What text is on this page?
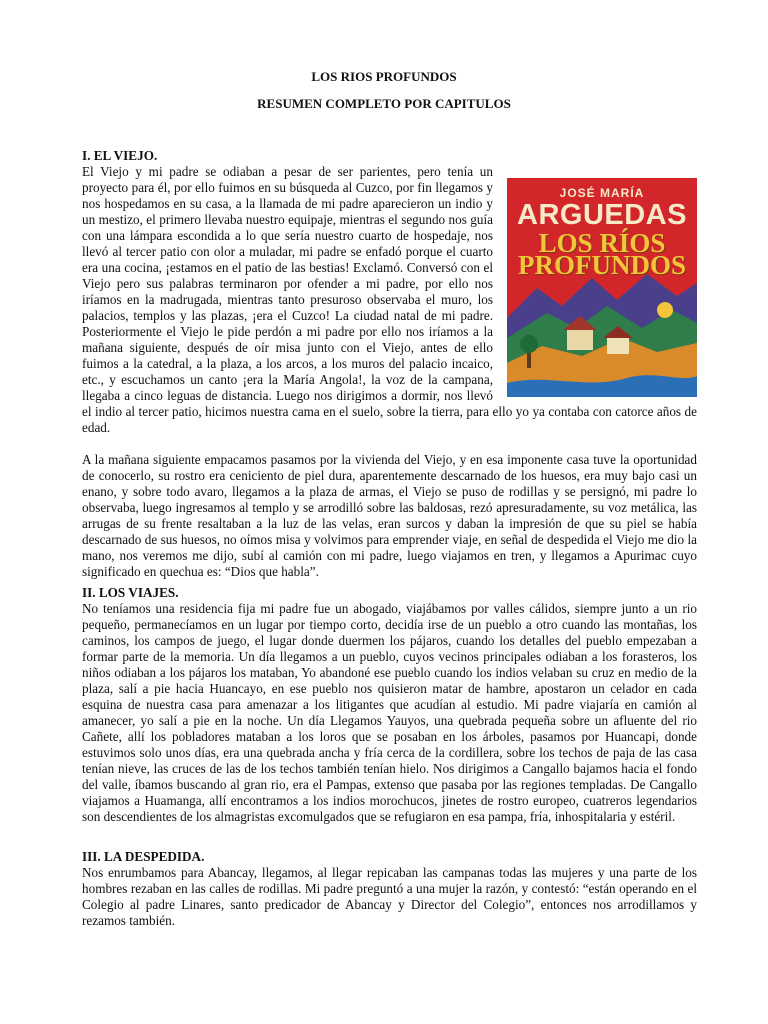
LOS RIOS PROFUNDOS
RESUMEN COMPLETO POR CAPITULOS
I. EL VIEJO.
JOSÉ MARÍA
ARGUEDAS
LOS RÍOS
PROFUNDOS

El Viejo y mi padre se odiaban a pesar de ser parientes, pero tenía un proyecto para él, por ello fuimos en su búsqueda al Cuzco, por fin llegamos y nos hospedamos en su casa, a la llamada de mi padre aparecieron un indio y un mestizo, el primero llevaba nuestro equipaje, mientras el segundo nos guía con una lámpara escondida a lo que sería nuestro cuarto de hospedaje, nos llevó al tercer patio con olor a muladar, mi padre se enfadó porque el cuarto era una cocina, ¡estamos en el patio de las bestias! Exclamó. Conversó con el Viejo pero sus palabras terminaron por ofender a mi padre, por ello nos iríamos en la madrugada, mientras tanto presuroso observaba el muro, los palacios, templos y las plazas, ¡era el Cuzco! La ciudad natal de mi padre. Posteriormente el Viejo le pide perdón a mi padre por ello nos iríamos a la mañana siguiente, después de oír misa junto con el Viejo, antes de ello fuimos a la catedral, a la plaza, a los arcos, a los muros del palacio incaico, etc., y escuchamos un canto ¡era la María Angola!, la voz de la campana, llegaba a cinco leguas de distancia. Luego nos dirigimos a dormir, nos llevó el indio al tercer patio, hicimos nuestra cama en el suelo, sobre la tierra, para ello yo ya contaba con catorce años de edad.

A la mañana siguiente empacamos pasamos por la vivienda del Viejo, y en esa imponente casa tuve la oportunidad de conocerlo, su rostro era ceniciento de piel dura, aparentemente descarnado de los huesos, era muy bajo casi un enano, y sobre todo avaro, llegamos a la plaza de armas, el Viejo se puso de rodillas y se persignó, mi padre lo observaba, luego ingresamos al templo y se arrodilló sobre las baldosas, rezó apresuradamente, su voz metálica, las arrugas de su frente resaltaban a la luz de las velas, eran surcos y daban la impresión de que su piel se había descarnado de sus huesos, no oímos misa y volvimos para emprender viaje, en señal de despedida el Viejo me dio la mano, nos veremos me dijo, subí al camión con mi padre, luego viajamos en tren, y llegamos a Apurimac cuyo significado en quechua es: “Dios que habla”.

II. LOS VIAJES.

No teníamos una residencia fija mi padre fue un abogado, viajábamos por valles cálidos, siempre junto a un rio pequeño, permanecíamos en un lugar por tiempo corto, decidía irse de un pueblo a otro cuando las montañas, los caminos, los campos de juego, el lugar donde duermen los pájaros, cuando los detalles del pueblo empezaban a formar parte de la memoria. Un día llegamos a un pueblo, cuyos vecinos principales odiaban a los forasteros, los niños odiaban a los pájaros los mataban, Yo abandoné ese pueblo cuando los indios velaban su cruz en medio de la plaza, salí a pie hacia Huancayo, en ese pueblo nos quisieron matar de hambre, apostaron un celador en cada esquina de nuestra casa para amenazar a los litigantes que acudían al estudio. Mi padre viajaría en camión al amanecer, yo salí a pie en la noche. Un día Llegamos Yauyos, una quebrada pequeña sobre un afluente del rio Cañete, allí los pobladores mataban a los loros que se posaban en los árboles, pasamos por Huancapi, donde estuvimos solo unos días, era una quebrada ancha y fría cerca de la cordillera, sobre los techos de paja de las casa tenían nieve, las cruces de las de los techos también tenían hielo. Nos dirigimos a Cangallo bajamos hacia el fondo del valle, íbamos buscando al gran rio, era el Pampas, extenso que pasaba por las regiones templadas. De Cangallo viajamos a Huamanga, allí encontramos a los indios morochucos, jinetes de rostro europeo, cuatreros legendarios son descendientes de los almagristas excomulgados que se refugiaron en esa pampa, fría, inhospitalaria y estéril.

III. LA DESPEDIDA.

Nos enrumbamos para Abancay, llegamos, al llegar repicaban las campanas todas las mujeres y una parte de los hombres rezaban en las calles de rodillas. Mi padre preguntó a una mujer la razón, y contestó: “están operando en el Colegio al padre Linares, santo predicador de Abancay y Director del Colegio”, entonces nos arrodillamos y rezamos también.
